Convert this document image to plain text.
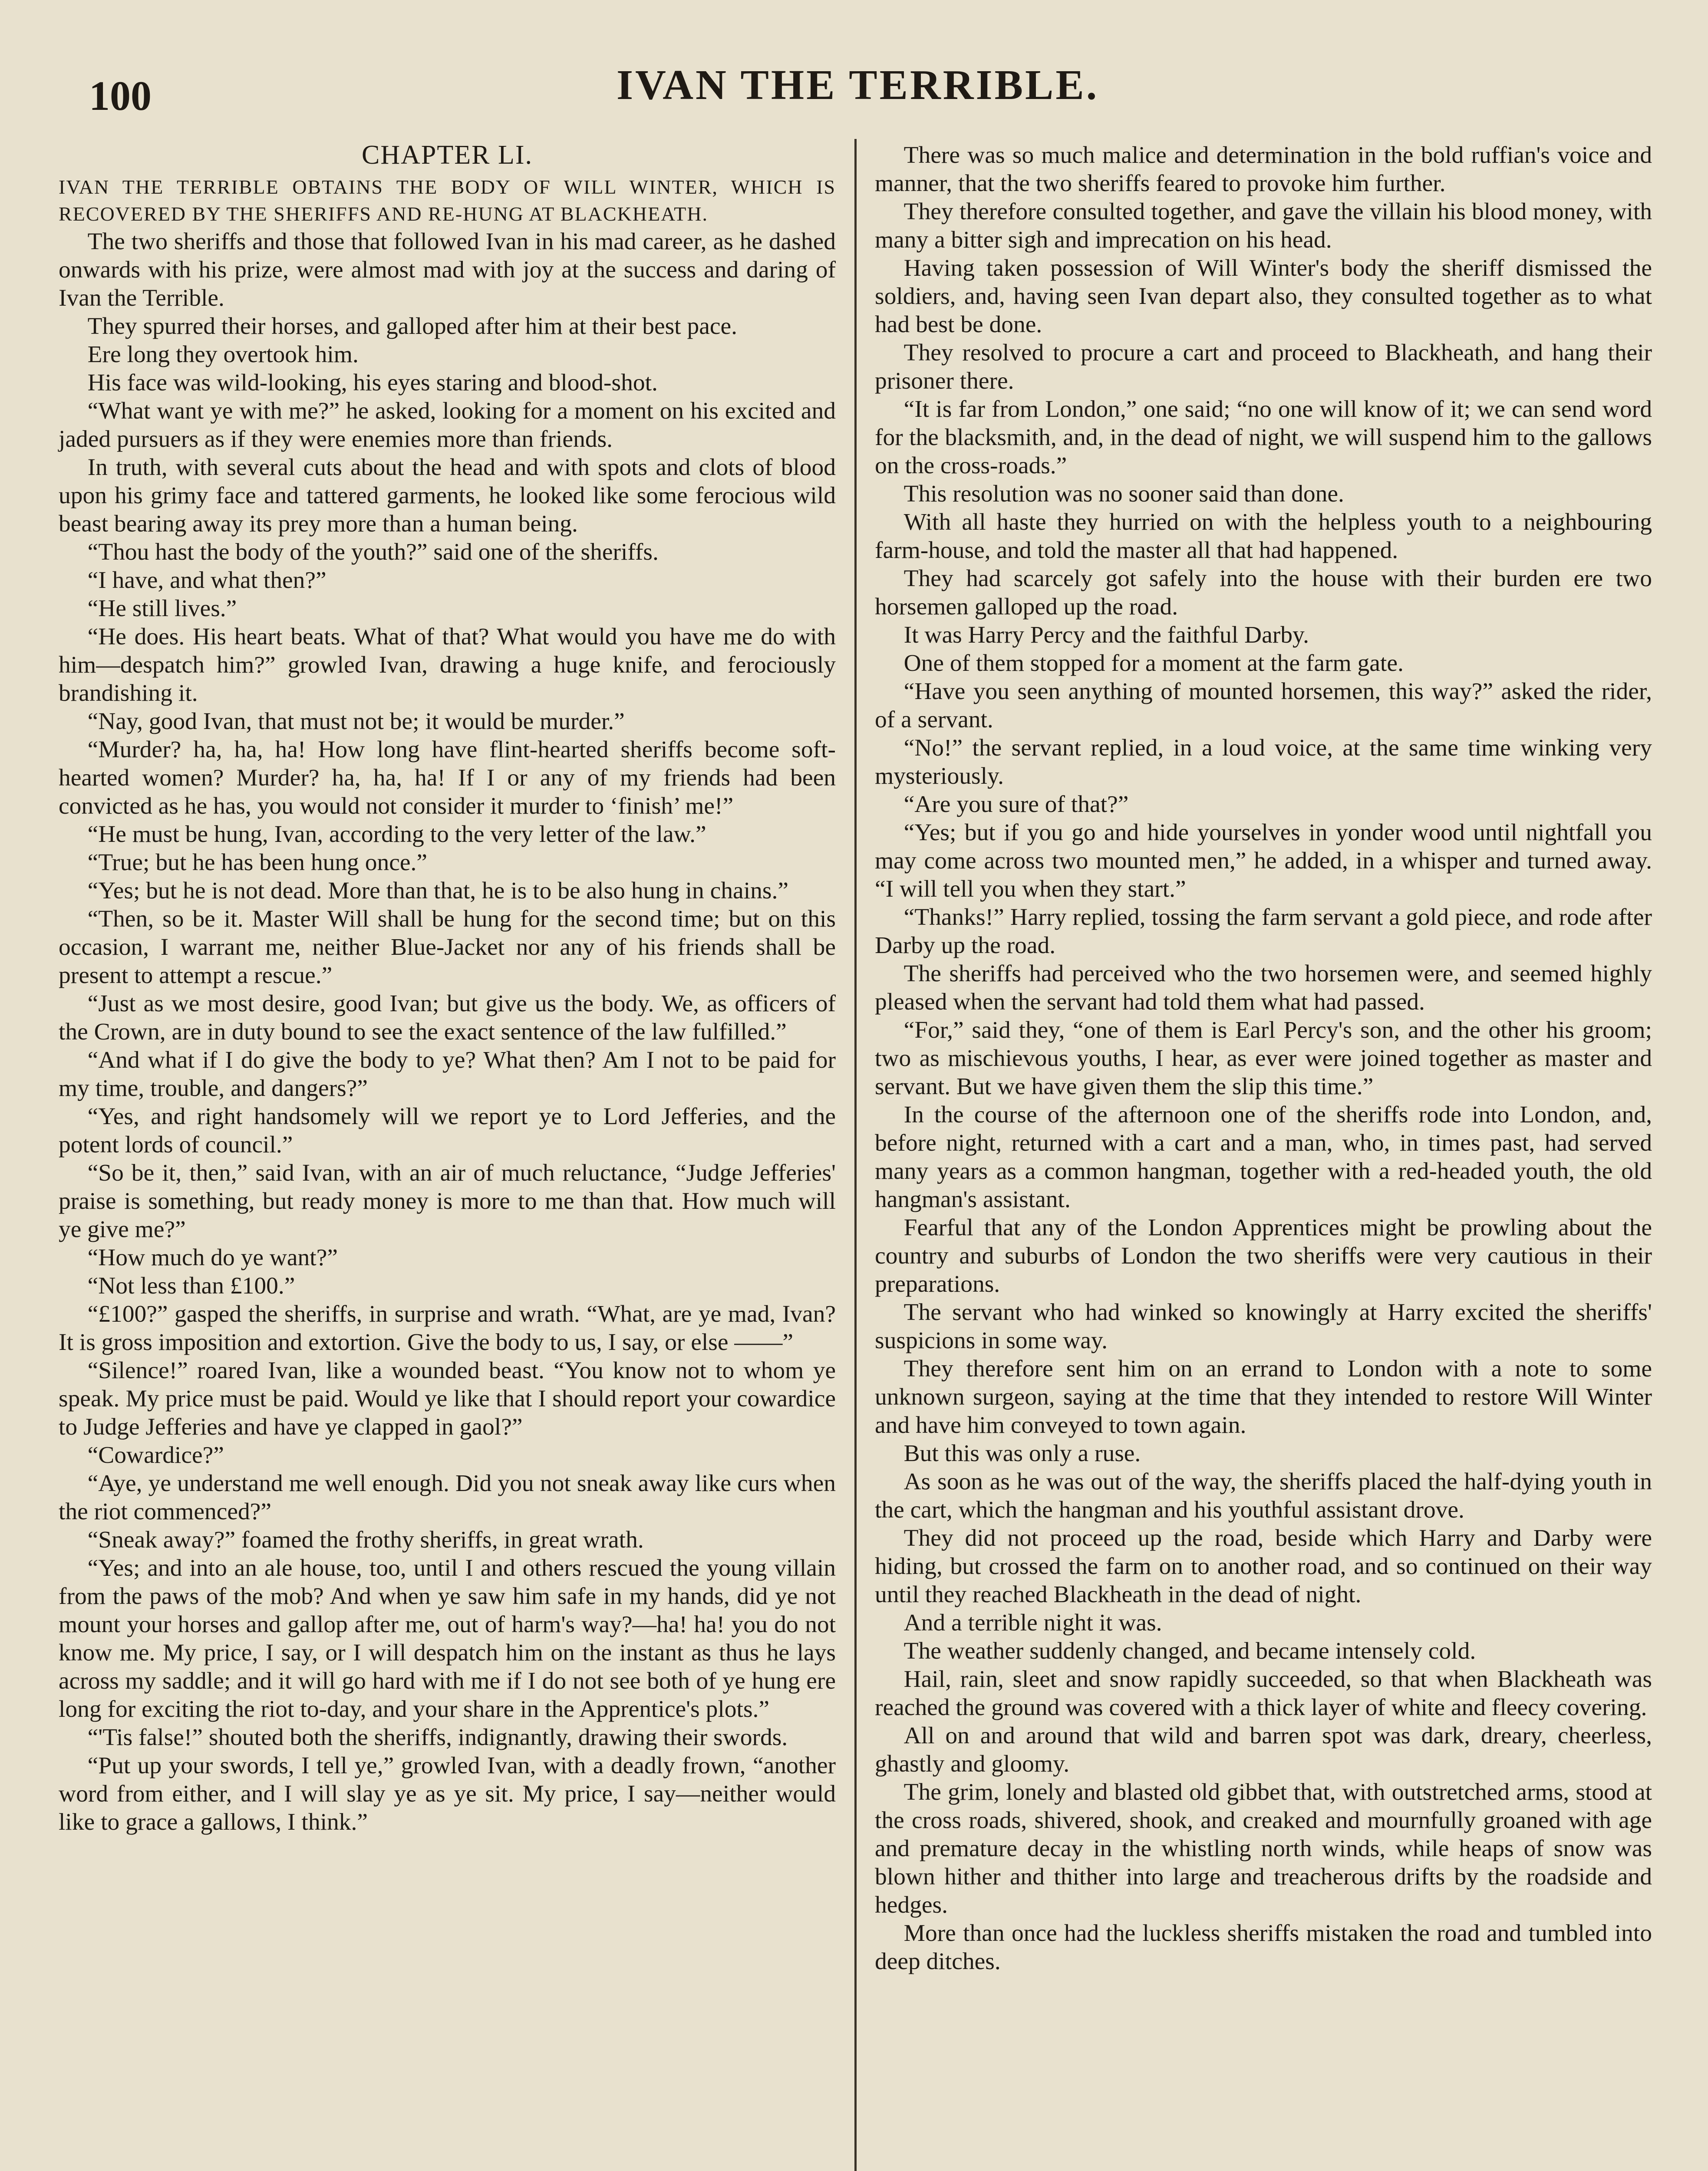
100	IVAN THE TERRIBLE.
CHAPTER LI.

IVAN THE TERRIBLE OBTAINS THE BODY OF WILL WINTER, WHICH IS RECOVERED BY THE SHERIFFS AND RE-HUNG AT BLACKHEATH.

The two sheriffs and those that followed Ivan in his mad career, as he dashed onwards with his prize, were almost mad with joy at the success and daring of Ivan the Terrible.

They spurred their horses, and galloped after him at their best pace.

Ere long they overtook him.

His face was wild-looking, his eyes staring and blood-shot.

“What want ye with me?” he asked, looking for a moment on his excited and jaded pursuers as if they were enemies more than friends.

In truth, with several cuts about the head and with spots and clots of blood upon his grimy face and tattered garments, he looked like some ferocious wild beast bearing away its prey more than a human being.

“Thou hast the body of the youth?” said one of the sheriffs.

“I have, and what then?”

“He still lives.”

“He does. His heart beats. What of that? What would you have me do with him—despatch him?” growled Ivan, drawing a huge knife, and ferociously brandishing it.

“Nay, good Ivan, that must not be; it would be murder.”

“Murder? ha, ha, ha! How long have flint-hearted sheriffs become soft-hearted women? Murder? ha, ha, ha! If I or any of my friends had been convicted as he has, you would not consider it murder to ‘finish’ me!”

“He must be hung, Ivan, according to the very letter of the law.”

“True; but he has been hung once.”

“Yes; but he is not dead. More than that, he is to be also hung in chains.”

“Then, so be it. Master Will shall be hung for the second time; but on this occasion, I warrant me, neither Blue-Jacket nor any of his friends shall be present to attempt a rescue.”

“Just as we most desire, good Ivan; but give us the body. We, as officers of the Crown, are in duty bound to see the exact sentence of the law fulfilled.”

“And what if I do give the body to ye? What then? Am I not to be paid for my time, trouble, and dangers?”

“Yes, and right handsomely will we report ye to Lord Jefferies, and the potent lords of council.”

“So be it, then,” said Ivan, with an air of much reluctance, “Judge Jefferies' praise is something, but ready money is more to me than that. How much will ye give me?”

“How much do ye want?”

“Not less than £100.”

“£100?” gasped the sheriffs, in surprise and wrath. “What, are ye mad, Ivan? It is gross imposition and extortion. Give the body to us, I say, or else ——”

“Silence!” roared Ivan, like a wounded beast. “You know not to whom ye speak. My price must be paid. Would ye like that I should report your cowardice to Judge Jefferies and have ye clapped in gaol?”

“Cowardice?”

“Aye, ye understand me well enough. Did you not sneak away like curs when the riot commenced?”

“Sneak away?” foamed the frothy sheriffs, in great wrath.

“Yes; and into an ale house, too, until I and others rescued the young villain from the paws of the mob? And when ye saw him safe in my hands, did ye not mount your horses and gallop after me, out of harm's way?—ha! ha! you do not know me. My price, I say, or I will despatch him on the instant as thus he lays across my saddle; and it will go hard with me if I do not see both of ye hung ere long for exciting the riot to-day, and your share in the Apprentice's plots.”

“'Tis false!” shouted both the sheriffs, indignantly, drawing their swords.

“Put up your swords, I tell ye,” growled Ivan, with a deadly frown, “another word from either, and I will slay ye as ye sit. My price, I say—neither would like to grace a gallows, I think.”

There was so much malice and determination in the bold ruffian's voice and manner, that the two sheriffs feared to provoke him further.

They therefore consulted together, and gave the villain his blood money, with many a bitter sigh and imprecation on his head.

Having taken possession of Will Winter's body the sheriff dismissed the soldiers, and, having seen Ivan depart also, they consulted together as to what had best be done.

They resolved to procure a cart and proceed to Blackheath, and hang their prisoner there.

“It is far from London,” one said; “no one will know of it; we can send word for the blacksmith, and, in the dead of night, we will suspend him to the gallows on the cross-roads.”

This resolution was no sooner said than done.

With all haste they hurried on with the helpless youth to a neighbouring farm-house, and told the master all that had happened.

They had scarcely got safely into the house with their burden ere two horsemen galloped up the road.

It was Harry Percy and the faithful Darby.

One of them stopped for a moment at the farm gate.

“Have you seen anything of mounted horsemen, this way?” asked the rider, of a servant.

“No!” the servant replied, in a loud voice, at the same time winking very mysteriously.

“Are you sure of that?”

“Yes; but if you go and hide yourselves in yonder wood until nightfall you may come across two mounted men,” he added, in a whisper and turned away. “I will tell you when they start.”

“Thanks!” Harry replied, tossing the farm servant a gold piece, and rode after Darby up the road.

The sheriffs had perceived who the two horsemen were, and seemed highly pleased when the servant had told them what had passed.

“For,” said they, “one of them is Earl Percy's son, and the other his groom; two as mischievous youths, I hear, as ever were joined together as master and servant. But we have given them the slip this time.”

In the course of the afternoon one of the sheriffs rode into London, and, before night, returned with a cart and a man, who, in times past, had served many years as a common hangman, together with a red-headed youth, the old hangman's assistant.

Fearful that any of the London Apprentices might be prowling about the country and suburbs of London the two sheriffs were very cautious in their preparations.

The servant who had winked so knowingly at Harry excited the sheriffs' suspicions in some way.

They therefore sent him on an errand to London with a note to some unknown surgeon, saying at the time that they intended to restore Will Winter and have him conveyed to town again.

But this was only a ruse.

As soon as he was out of the way, the sheriffs placed the half-dying youth in the cart, which the hangman and his youthful assistant drove.

They did not proceed up the road, beside which Harry and Darby were hiding, but crossed the farm on to another road, and so continued on their way until they reached Blackheath in the dead of night.

And a terrible night it was.

The weather suddenly changed, and became intensely cold.

Hail, rain, sleet and snow rapidly succeeded, so that when Blackheath was reached the ground was covered with a thick layer of white and fleecy covering.

All on and around that wild and barren spot was dark, dreary, cheerless, ghastly and gloomy.

The grim, lonely and blasted old gibbet that, with outstretched arms, stood at the cross roads, shivered, shook, and creaked and mournfully groaned with age and premature decay in the whistling north winds, while heaps of snow was blown hither and thither into large and treacherous drifts by the roadside and hedges.

More than once had the luckless sheriffs mistaken the road and tumbled into deep ditches.
